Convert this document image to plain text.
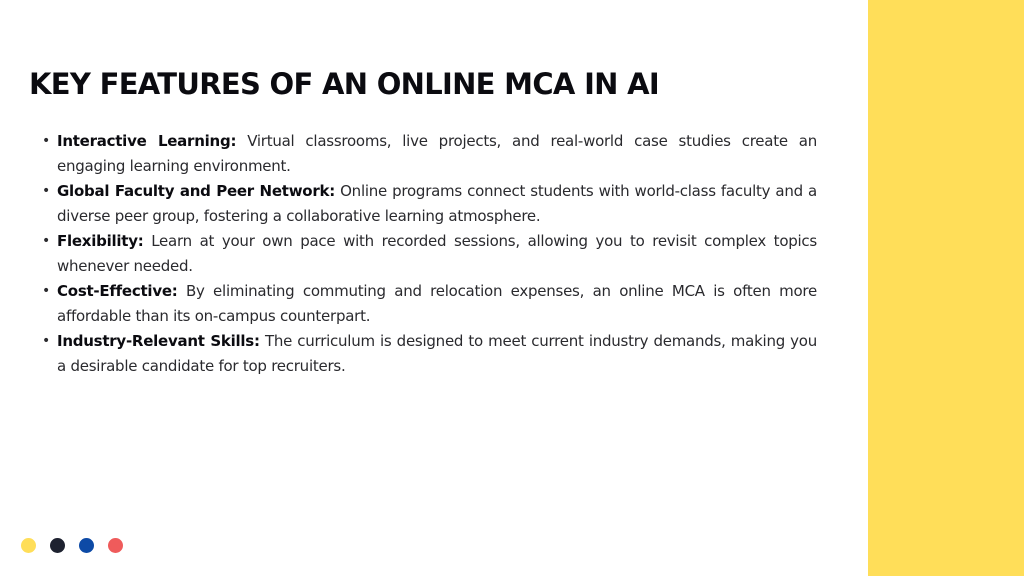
KEY FEATURES OF AN ONLINE MCA IN AI
• Interactive Learning: Virtual classrooms, live projects, and real-world case studies create an engaging learning environment.
• Global Faculty and Peer Network: Online programs connect students with world-class faculty and a diverse peer group, fostering a collaborative learning atmosphere.
• Flexibility: Learn at your own pace with recorded sessions, allowing you to revisit complex topics whenever needed.
• Cost-Effective: By eliminating commuting and relocation expenses, an online MCA is often more affordable than its on-campus counterpart.
• Industry-Relevant Skills: The curriculum is designed to meet current industry demands, making you a desirable candidate for top recruiters.
